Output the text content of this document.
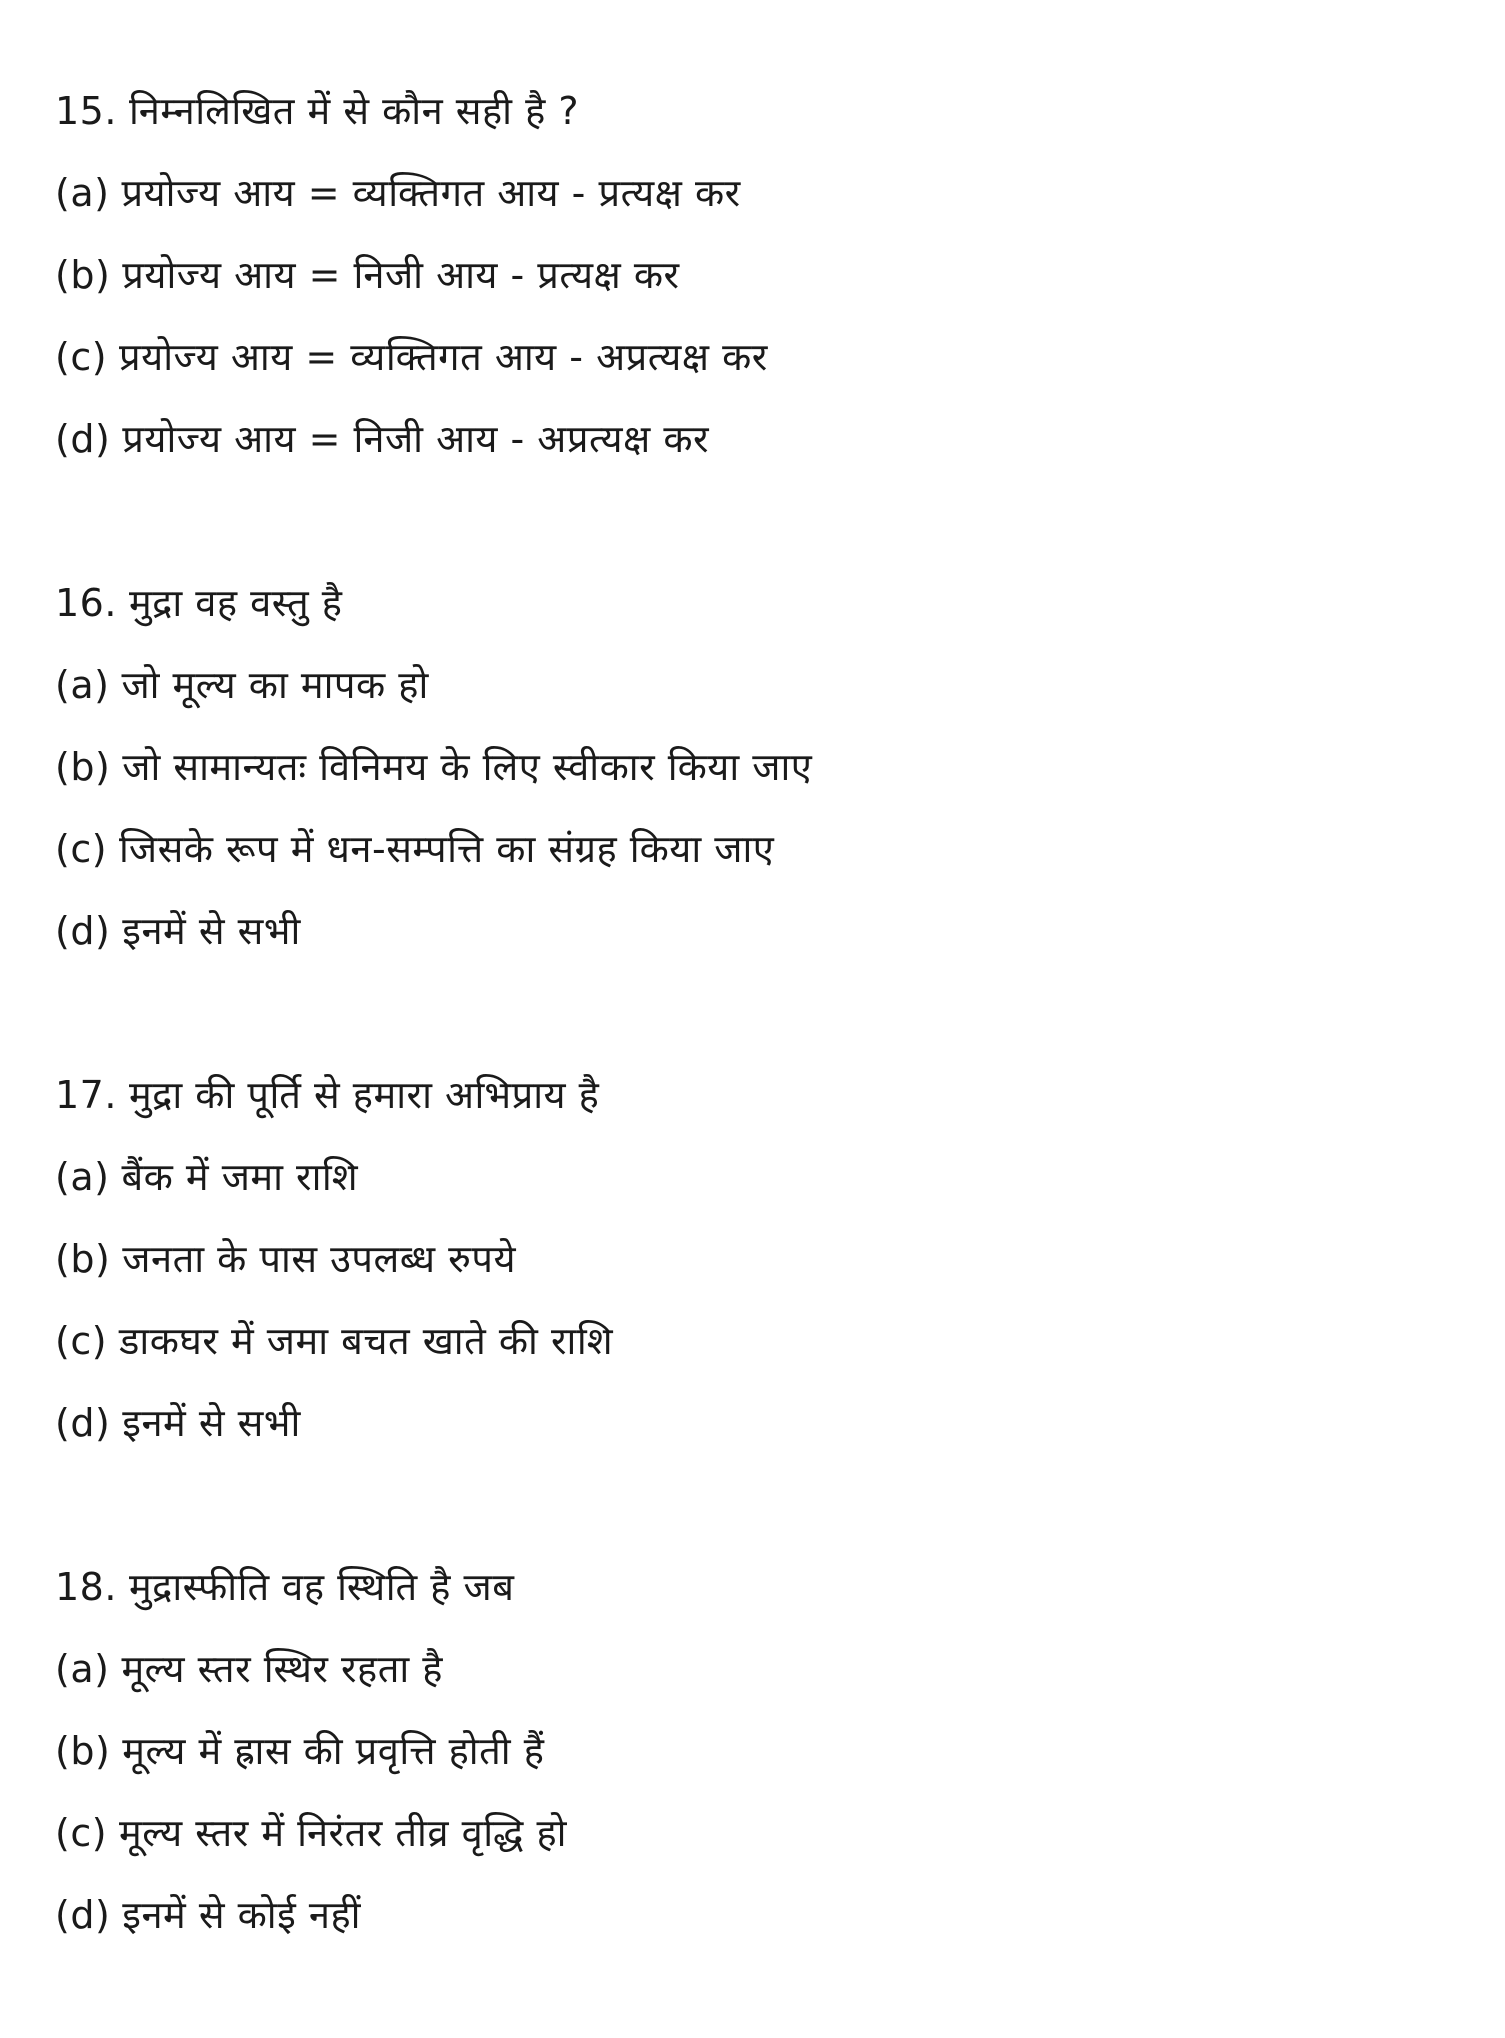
15. निम्नलिखित में से कौन सही है ?
(a) प्रयोज्य आय = व्यक्तिगत आय - प्रत्यक्ष कर
(b) प्रयोज्य आय = निजी आय - प्रत्यक्ष कर
(c) प्रयोज्य आय = व्यक्तिगत आय - अप्रत्यक्ष कर
(d) प्रयोज्य आय = निजी आय - अप्रत्यक्ष कर
16. मुद्रा वह वस्तु है
(a) जो मूल्य का मापक हो
(b) जो सामान्यतः विनिमय के लिए स्वीकार किया जाए
(c) जिसके रूप में धन-सम्पत्ति का संग्रह किया जाए
(d) इनमें से सभी
17. मुद्रा की पूर्ति से हमारा अभिप्राय है
(a) बैंक में जमा राशि
(b) जनता के पास उपलब्ध रुपये
(c) डाकघर में जमा बचत खाते की राशि
(d) इनमें से सभी
18. मुद्रास्फीति वह स्थिति है जब
(a) मूल्य स्तर स्थिर रहता है
(b) मूल्य में ह्रास की प्रवृत्ति होती हैं
(c) मूल्य स्तर में निरंतर तीव्र वृद्धि हो
(d) इनमें से कोई नहीं
